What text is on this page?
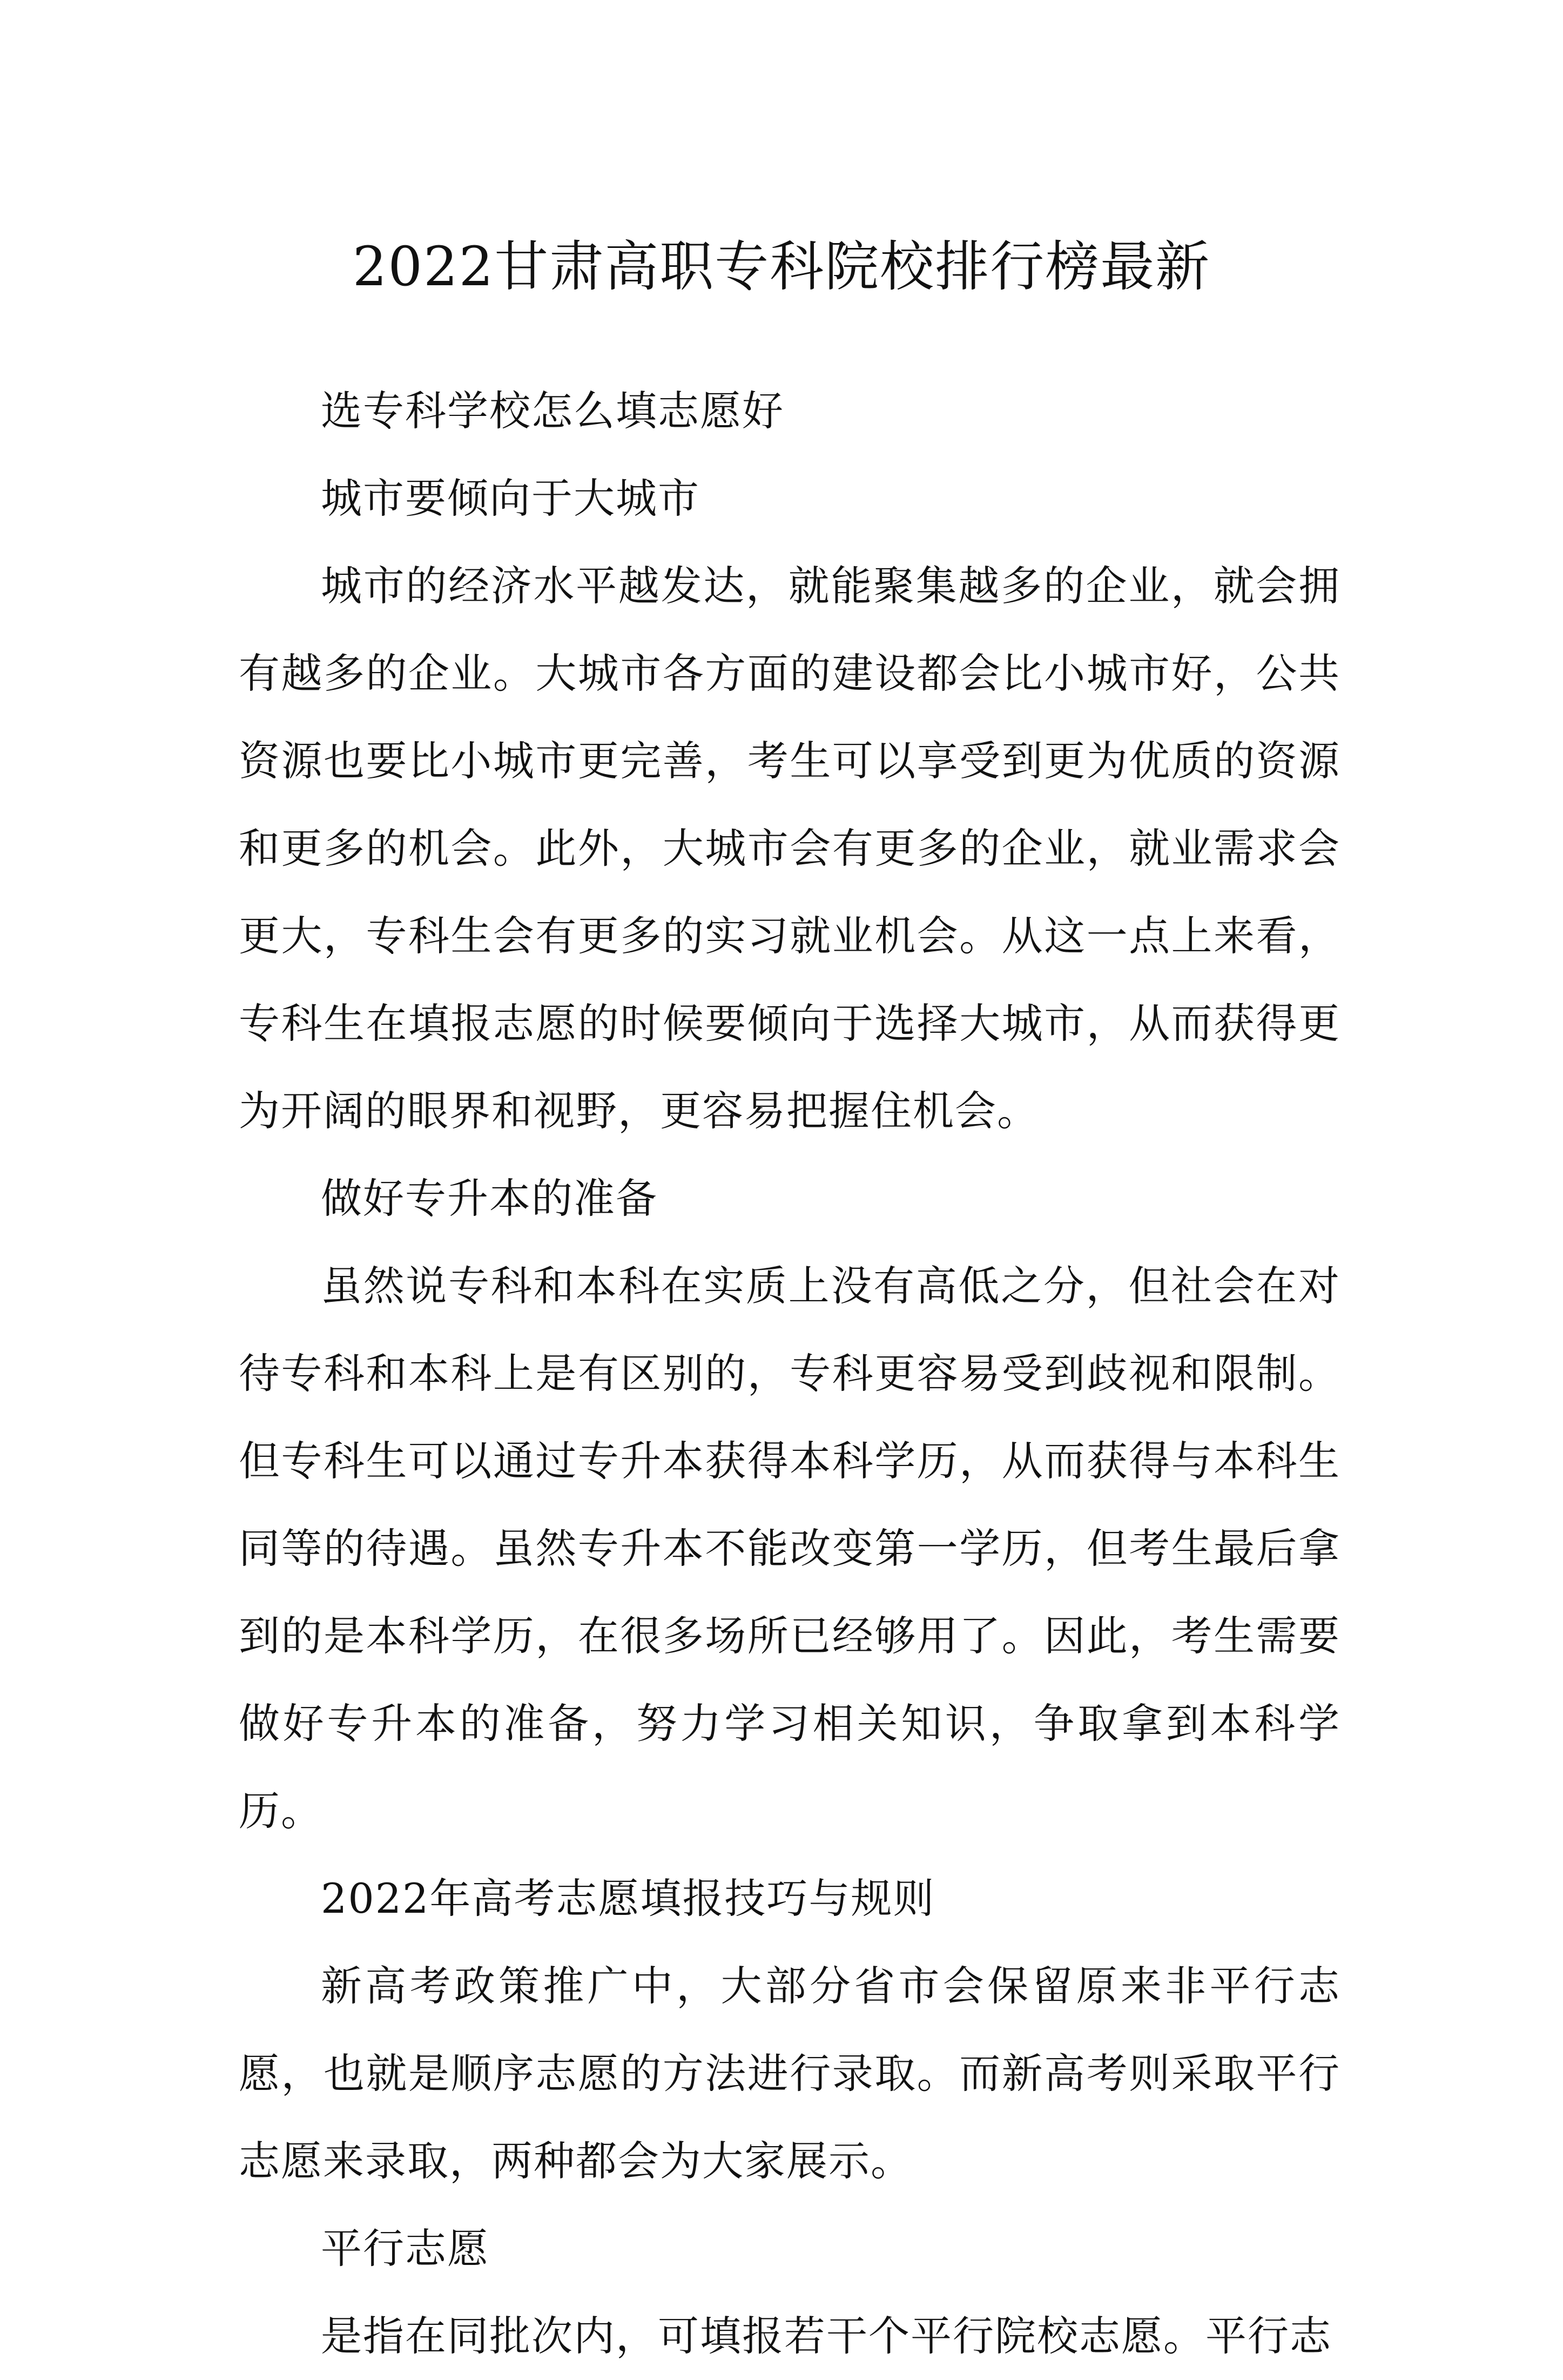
2022甘肃高职专科院校排行榜最新

选专科学校怎么填志愿好

城市要倾向于大城市

城市的经济水平越发达，就能聚集越多的企业，就会拥有越多的企业。大城市各方面的建设都会比小城市好，公共资源也要比小城市更完善，考生可以享受到更为优质的资源和更多的机会。此外，大城市会有更多的企业，就业需求会更大，专科生会有更多的实习就业机会。从这一点上来看，专科生在填报志愿的时候要倾向于选择大城市，从而获得更为开阔的眼界和视野，更容易把握住机会。

做好专升本的准备

虽然说专科和本科在实质上没有高低之分，但社会在对待专科和本科上是有区别的，专科更容易受到歧视和限制。但专科生可以通过专升本获得本科学历，从而获得与本科生同等的待遇。虽然专升本不能改变第一学历，但考生最后拿到的是本科学历，在很多场所已经够用了。因此，考生需要做好专升本的准备，努力学习相关知识，争取拿到本科学历。

2022年高考志愿填报技巧与规则

新高考政策推广中，大部分省市会保留原来非平行志愿，也就是顺序志愿的方法进行录取。而新高考则采取平行志愿来录取，两种都会为大家展示。

平行志愿

是指在同批次内，可填报若干个平行院校志愿。平行志
